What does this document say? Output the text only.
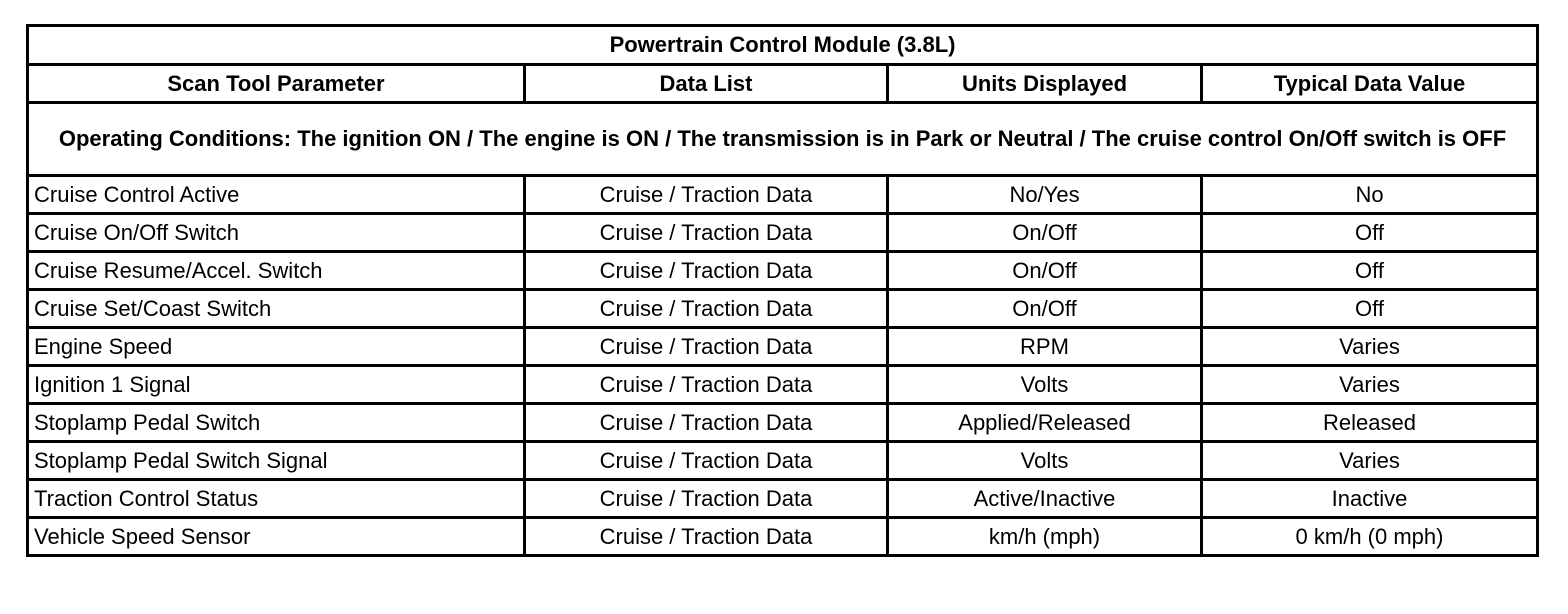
Powertrain Control Module (3.8L)			
Scan Tool Parameter	Data List	Units Displayed	Typical Data Value
Operating Conditions: The ignition ON / The engine is ON / The transmission is in Park or Neutral / The cruise control On/Off switch is OFF			
Cruise Control Active	Cruise / Traction Data	No/Yes	No
Cruise On/Off Switch	Cruise / Traction Data	On/Off	Off
Cruise Resume/Accel. Switch	Cruise / Traction Data	On/Off	Off
Cruise Set/Coast Switch	Cruise / Traction Data	On/Off	Off
Engine Speed	Cruise / Traction Data	RPM	Varies
Ignition 1 Signal	Cruise / Traction Data	Volts	Varies
Stoplamp Pedal Switch	Cruise / Traction Data	Applied/Released	Released
Stoplamp Pedal Switch Signal	Cruise / Traction Data	Volts	Varies
Traction Control Status	Cruise / Traction Data	Active/Inactive	Inactive
Vehicle Speed Sensor	Cruise / Traction Data	km/h (mph)	0 km/h (0 mph)
